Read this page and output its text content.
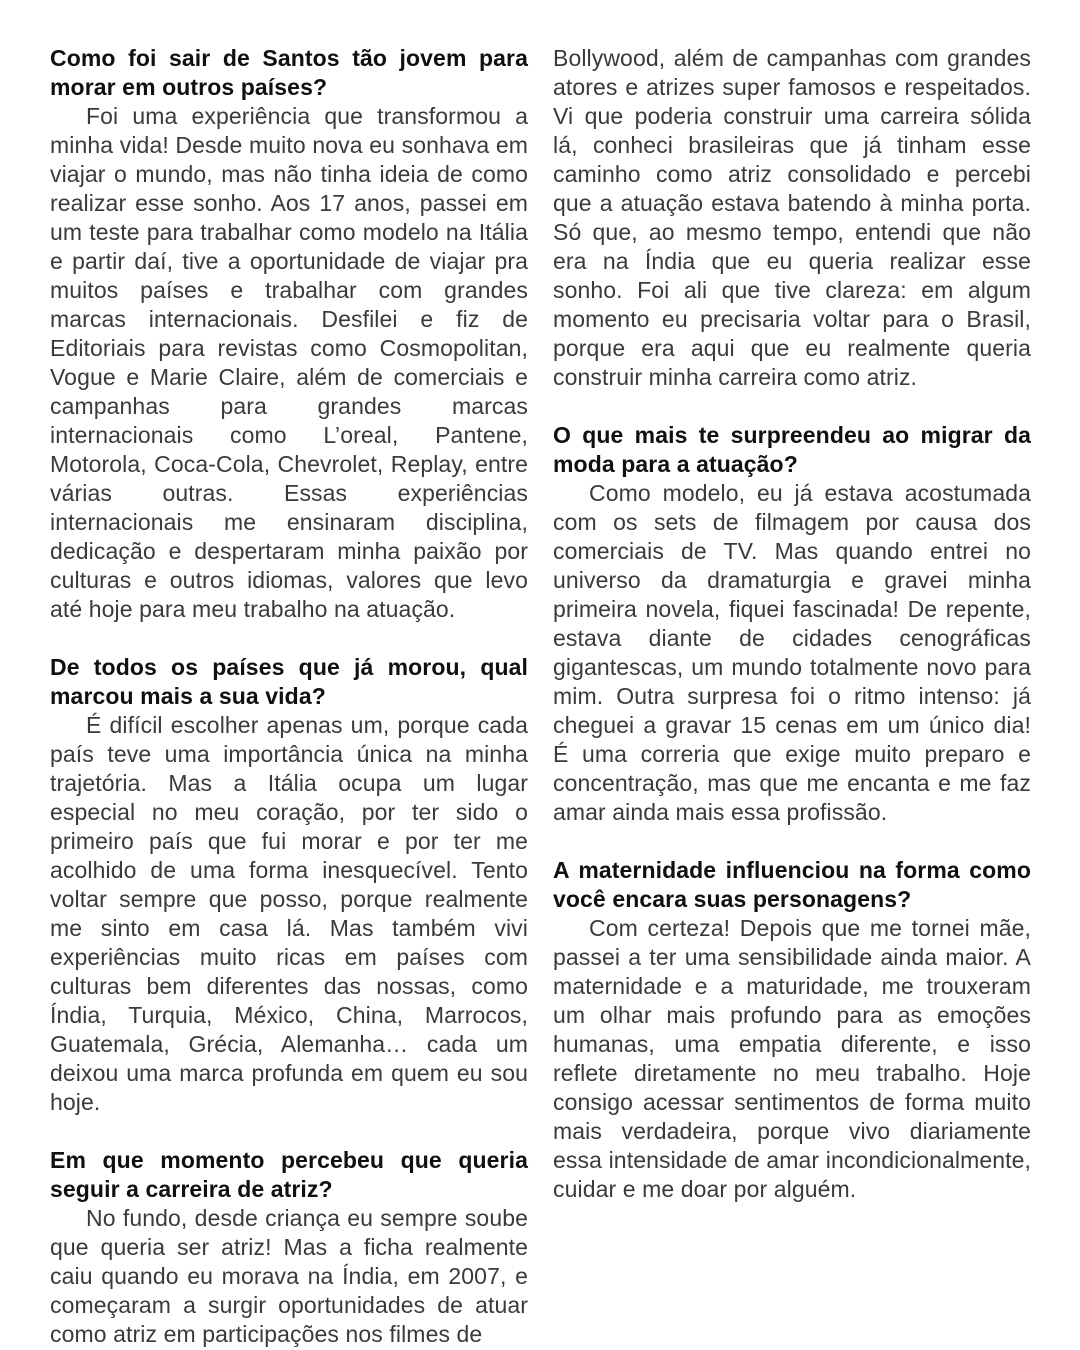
Como foi sair de Santos tão jovem para morar em outros países?

Foi uma experiência que transformou a minha vida! Desde muito nova eu sonhava em viajar o mundo, mas não tinha ideia de como realizar esse sonho. Aos 17 anos, passei em um teste para trabalhar como modelo na Itália e partir daí, tive a oportunidade de viajar pra muitos países e trabalhar com grandes marcas internacionais. Desfilei e fiz de Editoriais para revistas como Cosmopolitan, Vogue e Marie Claire, além de comerciais e campanhas para grandes marcas internacionais como L’oreal, Pantene, Motorola, Coca-Cola, Chevrolet, Replay, entre várias outras. Essas experiências internacionais me ensinaram disciplina, dedicação e despertaram minha paixão por culturas e outros idiomas, valores que levo até hoje para meu trabalho na atuação.

De todos os países que já morou, qual marcou mais a sua vida?

É difícil escolher apenas um, porque cada país teve uma importância única na minha trajetória. Mas a Itália ocupa um lugar especial no meu coração, por ter sido o primeiro país que fui morar e por ter me acolhido de uma forma inesquecível. Tento voltar sempre que posso, porque realmente me sinto em casa lá. Mas também vivi experiências muito ricas em países com culturas bem diferentes das nossas, como Índia, Turquia, México, China, Marrocos, Guatemala, Grécia, Alemanha… cada um deixou uma marca profunda em quem eu sou hoje.

Em que momento percebeu que queria seguir a carreira de atriz?

No fundo, desde criança eu sempre soube que queria ser atriz! Mas a ficha realmente caiu quando eu morava na Índia, em 2007, e começaram a surgir oportunidades de atuar como atriz em participações nos filmes de

Bollywood, além de campanhas com grandes atores e atrizes super famosos e respeitados. Vi que poderia construir uma carreira sólida lá, conheci brasileiras que já tinham esse caminho como atriz consolidado e percebi que a atuação estava batendo à minha porta. Só que, ao mesmo tempo, entendi que não era na Índia que eu queria realizar esse sonho. Foi ali que tive clareza: em algum momento eu precisaria voltar para o Brasil, porque era aqui que eu realmente queria construir minha carreira como atriz.

O que mais te surpreendeu ao migrar da moda para a atuação?

Como modelo, eu já estava acostumada com os sets de filmagem por causa dos comerciais de TV. Mas quando entrei no universo da dramaturgia e gravei minha primeira novela, fiquei fascinada! De repente, estava diante de cidades cenográficas gigantescas, um mundo totalmente novo para mim. Outra surpresa foi o ritmo intenso: já cheguei a gravar 15 cenas em um único dia! É uma correria que exige muito preparo e concentração, mas que me encanta e me faz amar ainda mais essa profissão.

A maternidade influenciou na forma como você encara suas personagens?

Com certeza! Depois que me tornei mãe, passei a ter uma sensibilidade ainda maior. A maternidade e a maturidade, me trouxeram um olhar mais profundo para as emoções humanas, uma empatia diferente, e isso reflete diretamente no meu trabalho. Hoje consigo acessar sentimentos de forma muito mais verdadeira, porque vivo diariamente essa intensidade de amar incondicionalmente, cuidar e me doar por alguém.
